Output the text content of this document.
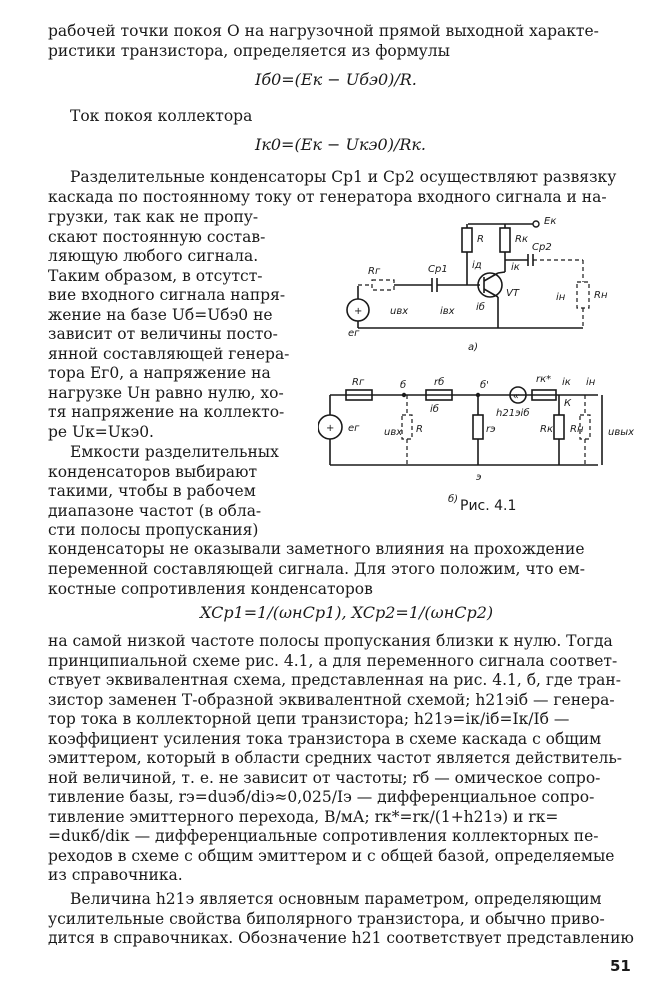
рабочей точки покоя O на нагрузочной прямой выходной характе-

ристики транзистора, определяется из формулы

Iб0=(Eк − Uбэ0)/R.

Ток покоя коллектора

Iк0=(Eк − Uкэ0)/Rк.

Разделительные конденсаторы Cр1 и Cр2 осуществляют развязку

каскада по постоянному току от генератора входного сигнала и на-

грузки, так как не пропу-
скают постоянную состав-
ляющую любого сигнала.
Таким образом, в отсутст-
вие входного сигнала напря-
жение на базе Uб=Uбэ0 не
зависит от величины посто-
янной составляющей генера-
тора Eг0, а напряжение на
нагрузке Uн равно нулю, хо-
тя напряжение на коллекто-
ре Uк=Uкэ0.
Емкости разделительных
конденсаторов выбирают
такими, чтобы в рабочем
диапазоне частот (в обла-
сти полосы пропускания)
Eк
R	Rк
Cр2
Rн
iн
+
eг
Rг	Cр1 iд	iк
VT
uвх	iвх iб
а)
+ eг
Rг	б
uвх R
rб
iб
б'
rэ
э
«
h21эiб
rк* iк iн
К
Rк Rн uвых
б) Рис. 4.1

конденсаторы не оказывали заметного влияния на прохождение

переменной составляющей сигнала. Для этого положим, что ем-

костные сопротивления конденсаторов

XCр1=1/(ωнCр1), XCр2=1/(ωнCр2)

на самой низкой частоте полосы пропускания близки к нулю. Тогда
принципиальной схеме рис. 4.1, а для переменного сигнала соответ-
ствует эквивалентная схема, представленная на рис. 4.1, б, где тран-
зистор заменен Т-образной эквивалентной схемой; h21эiб — генера-
тор тока в коллекторной цепи транзистора; h21э=iк/iб=Iк/Iб —
коэффициент усиления тока транзистора в схеме каскада с общим
эмиттером, который в области средних частот является действитель-
ной величиной, т. е. не зависит от частоты; rб — омическое сопро-
тивление базы, rэ=duэб/diэ≈0,025/Iэ — дифференциальное сопро-
тивление эмиттерного перехода, В/мА; rк*=rк/(1+h21э) и rк=
=duкб/diк — дифференциальные сопротивления коллекторных пе-
реходов в схеме с общим эмиттером и с общей базой, определяемые
из справочника.
Величина h21э является основным параметром, определяющим
усилительные свойства биполярного транзистора, и обычно приво-
дится в справочниках. Обозначение h21 соответствует представлению

51
